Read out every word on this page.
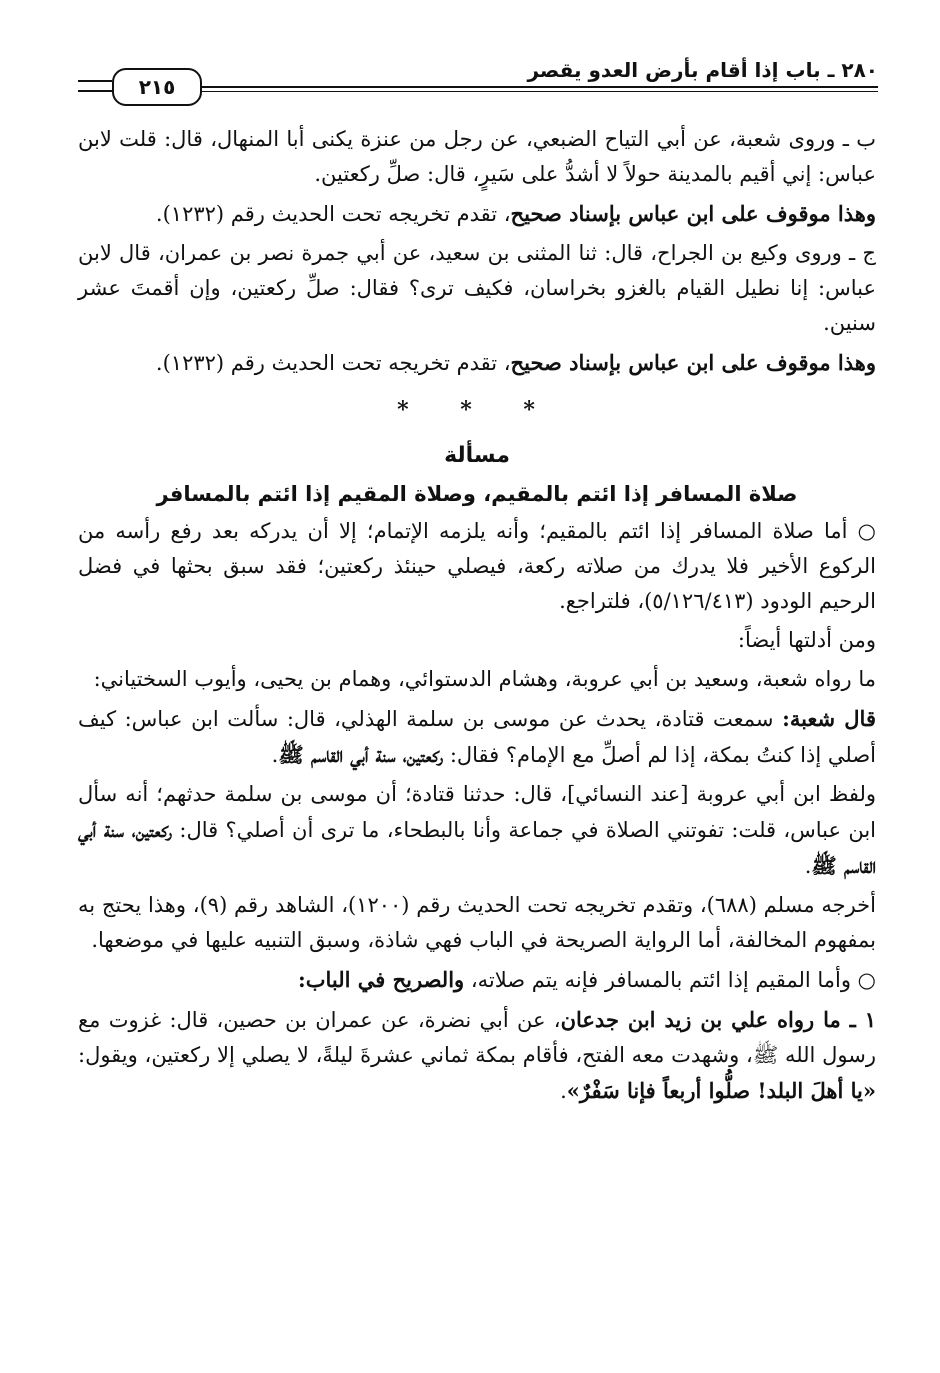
٢٨٠ ـ باب إذا أقام بأرض العدو يقصر
٢١٥

ب ـ وروى شعبة، عن أبي التياح الضبعي، عن رجل من عنزة يكنى أبا المنهال، قال: قلت لابن عباس: إني أقيم بالمدينة حولاً لا أشدُّ على سَيرٍ، قال: صلِّ ركعتين.

وهذا موقوف على ابن عباس بإسناد صحيح، تقدم تخريجه تحت الحديث رقم (١٢٣٢).

ج ـ وروى وكيع بن الجراح، قال: ثنا المثنى بن سعيد، عن أبي جمرة نصر بن عمران، قال لابن عباس: إنا نطيل القيام بالغزو بخراسان، فكيف ترى؟ فقال: صلِّ ركعتين، وإن أقمتَ عشر سنين.

وهذا موقوف على ابن عباس بإسناد صحيح، تقدم تخريجه تحت الحديث رقم (١٢٣٢).

* * *

مسألة

صلاة المسافر إذا ائتم بالمقيم، وصلاة المقيم إذا ائتم بالمسافر

○ أما صلاة المسافر إذا ائتم بالمقيم؛ وأنه يلزمه الإتمام؛ إلا أن يدركه بعد رفع رأسه من الركوع الأخير فلا يدرك من صلاته ركعة، فيصلي حينئذ ركعتين؛ فقد سبق بحثها في فضل الرحيم الودود (٥/١٢٦/٤١٣)، فلتراجع.

ومن أدلتها أيضاً:

ما رواه شعبة، وسعيد بن أبي عروبة، وهشام الدستوائي، وهمام بن يحيى، وأيوب السختياني:

قال شعبة: سمعت قتادة، يحدث عن موسى بن سلمة الهذلي، قال: سألت ابن عباس: كيف أصلي إذا كنتُ بمكة، إذا لم أصلِّ مع الإمام؟ فقال: ركعتين، سنة أبي القاسم ﷺ.

ولفظ ابن أبي عروبة [عند النسائي]، قال: حدثنا قتادة؛ أن موسى بن سلمة حدثهم؛ أنه سأل ابن عباس، قلت: تفوتني الصلاة في جماعة وأنا بالبطحاء، ما ترى أن أصلي؟ قال: ركعتين، سنة أبي القاسم ﷺ.

أخرجه مسلم (٦٨٨)، وتقدم تخريجه تحت الحديث رقم (١٢٠٠)، الشاهد رقم (٩)، وهذا يحتج به بمفهوم المخالفة، أما الرواية الصريحة في الباب فهي شاذة، وسبق التنبيه عليها في موضعها.

○ وأما المقيم إذا ائتم بالمسافر فإنه يتم صلاته، والصريح في الباب:

١ ـ ما رواه علي بن زيد ابن جدعان، عن أبي نضرة، عن عمران بن حصين، قال: غزوت مع رسول الله ﷺ، وشهدت معه الفتح، فأقام بمكة ثماني عشرةَ ليلةً، لا يصلي إلا ركعتين، ويقول: «يا أهلَ البلد! صلُّوا أربعاً فإنا سَفْرٌ».
